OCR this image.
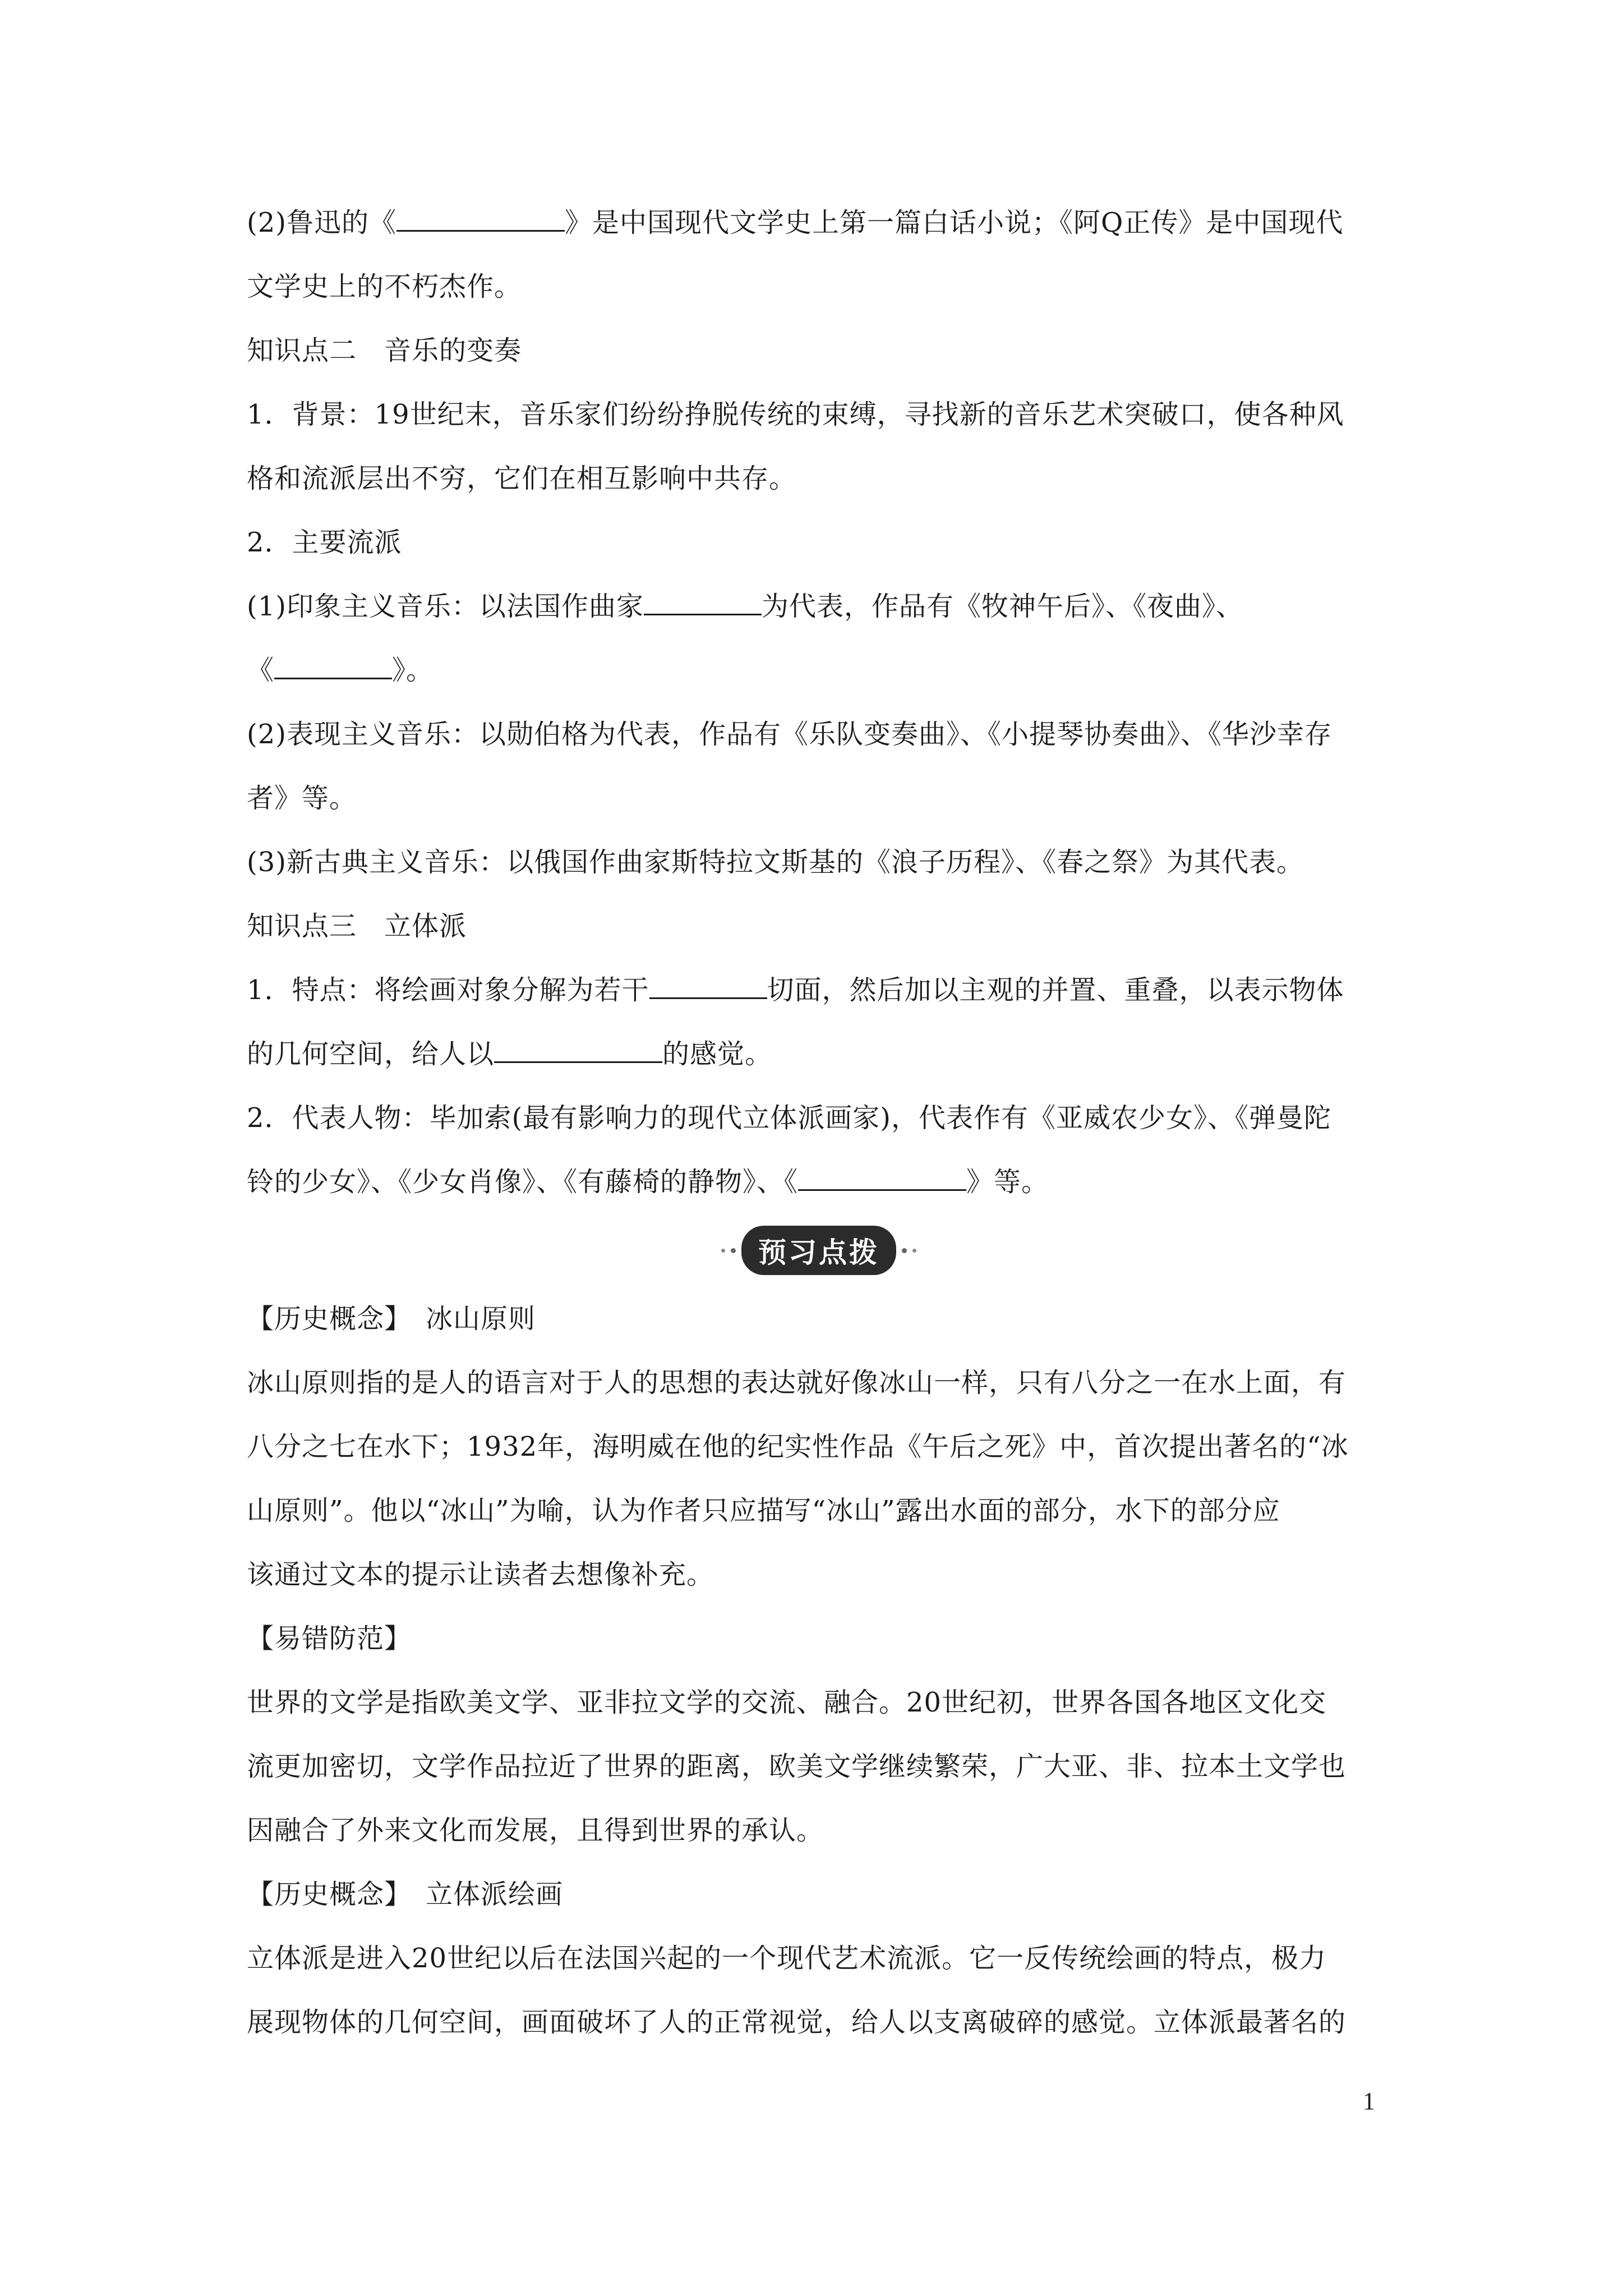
(2)鲁迅的《	》是中国现代文学史上第一篇白话小说；《阿Q正传》是中国现代
文学史上的不朽杰作。
知识点二　音乐的变奏
1．背景：19世纪末，音乐家们纷纷挣脱传统的束缚，寻找新的音乐艺术突破口，使各种风
格和流派层出不穷，它们在相互影响中共存。
2．主要流派
(1)印象主义音乐：以法国作曲家	为代表，作品有《牧神午后》、《夜曲》、
《	》。
(2)表现主义音乐：以勋伯格为代表，作品有《乐队变奏曲》、《小提琴协奏曲》、《华沙幸存
者》等。
(3)新古典主义音乐：以俄国作曲家斯特拉文斯基的《浪子历程》、《春之祭》为其代表。
知识点三　立体派
1．特点：将绘画对象分解为若干	切面，然后加以主观的并置、重叠，以表示物体
的几何空间，给人以	的感觉。
2．代表人物：毕加索(最有影响力的现代立体派画家)，代表作有《亚威农少女》、《弹曼陀
铃的少女》、《少女肖像》、《有藤椅的静物》、《	》等。
预习点拨
【历史概念】　冰山原则
冰山原则指的是人的语言对于人的思想的表达就好像冰山一样，只有八分之一在水上面，有
八分之七在水下；1932年，海明威在他的纪实性作品《午后之死》中，首次提出著名的“冰
山原则”。他以“冰山”为喻，认为作者只应描写“冰山”露出水面的部分，水下的部分应
该通过文本的提示让读者去想像补充。
【易错防范】
世界的文学是指欧美文学、亚非拉文学的交流、融合。20世纪初，世界各国各地区文化交
流更加密切，文学作品拉近了世界的距离，欧美文学继续繁荣，广大亚、非、拉本土文学也
因融合了外来文化而发展，且得到世界的承认。
【历史概念】　立体派绘画
立体派是进入20世纪以后在法国兴起的一个现代艺术流派。它一反传统绘画的特点，极力
展现物体的几何空间，画面破坏了人的正常视觉，给人以支离破碎的感觉。立体派最著名的
1
